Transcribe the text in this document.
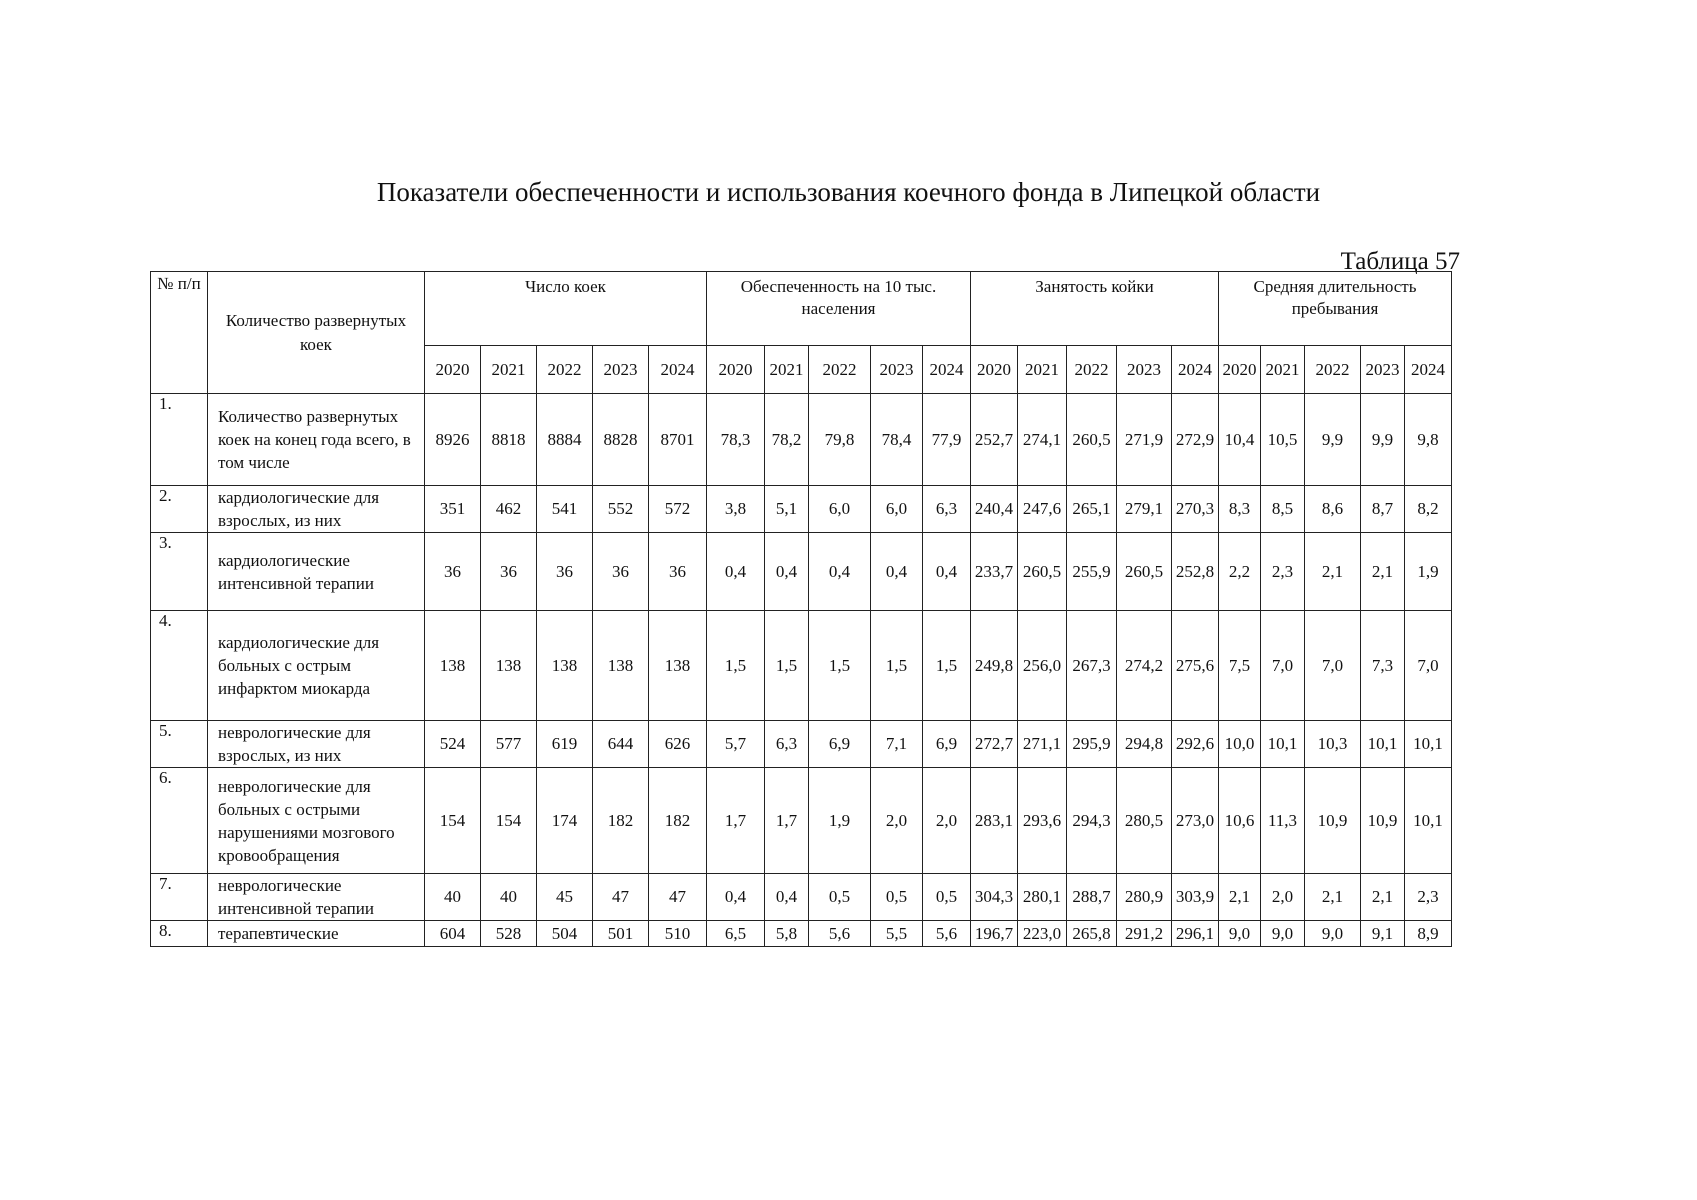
Показатели обеспеченности и использования коечного фонда в Липецкой области
Таблица 57
№ п/п	Количество развернутых коек	Число коек					Обеспеченность на 10 тыс. населения					Занятость койки					Средняя длительность пребывания				
		2020	2021	2022	2023	2024	2020	2021	2022	2023	2024	2020	2021	2022	2023	2024	2020	2021	2022	2023	2024
1.	Количество развернутых коек на конец года всего, в том числе	8926	8818	8884	8828	8701	78,3	78,2	79,8	78,4	77,9	252,7	274,1	260,5	271,9	272,9	10,4	10,5	9,9	9,9	9,8
2.	кардиологические для взрослых, из них	351	462	541	552	572	3,8	5,1	6,0	6,0	6,3	240,4	247,6	265,1	279,1	270,3	8,3	8,5	8,6	8,7	8,2
3.	кардиологические интенсивной терапии	36	36	36	36	36	0,4	0,4	0,4	0,4	0,4	233,7	260,5	255,9	260,5	252,8	2,2	2,3	2,1	2,1	1,9
4.	кардиологические для больных с острым инфарктом миокарда	138	138	138	138	138	1,5	1,5	1,5	1,5	1,5	249,8	256,0	267,3	274,2	275,6	7,5	7,0	7,0	7,3	7,0
5.	неврологические для взрослых, из них	524	577	619	644	626	5,7	6,3	6,9	7,1	6,9	272,7	271,1	295,9	294,8	292,6	10,0	10,1	10,3	10,1	10,1
6.	неврологические для больных с острыми нарушениями мозгового кровообращения	154	154	174	182	182	1,7	1,7	1,9	2,0	2,0	283,1	293,6	294,3	280,5	273,0	10,6	11,3	10,9	10,9	10,1
7.	неврологические интенсивной терапии	40	40	45	47	47	0,4	0,4	0,5	0,5	0,5	304,3	280,1	288,7	280,9	303,9	2,1	2,0	2,1	2,1	2,3
8.	терапевтические	604	528	504	501	510	6,5	5,8	5,6	5,5	5,6	196,7	223,0	265,8	291,2	296,1	9,0	9,0	9,0	9,1	8,9
